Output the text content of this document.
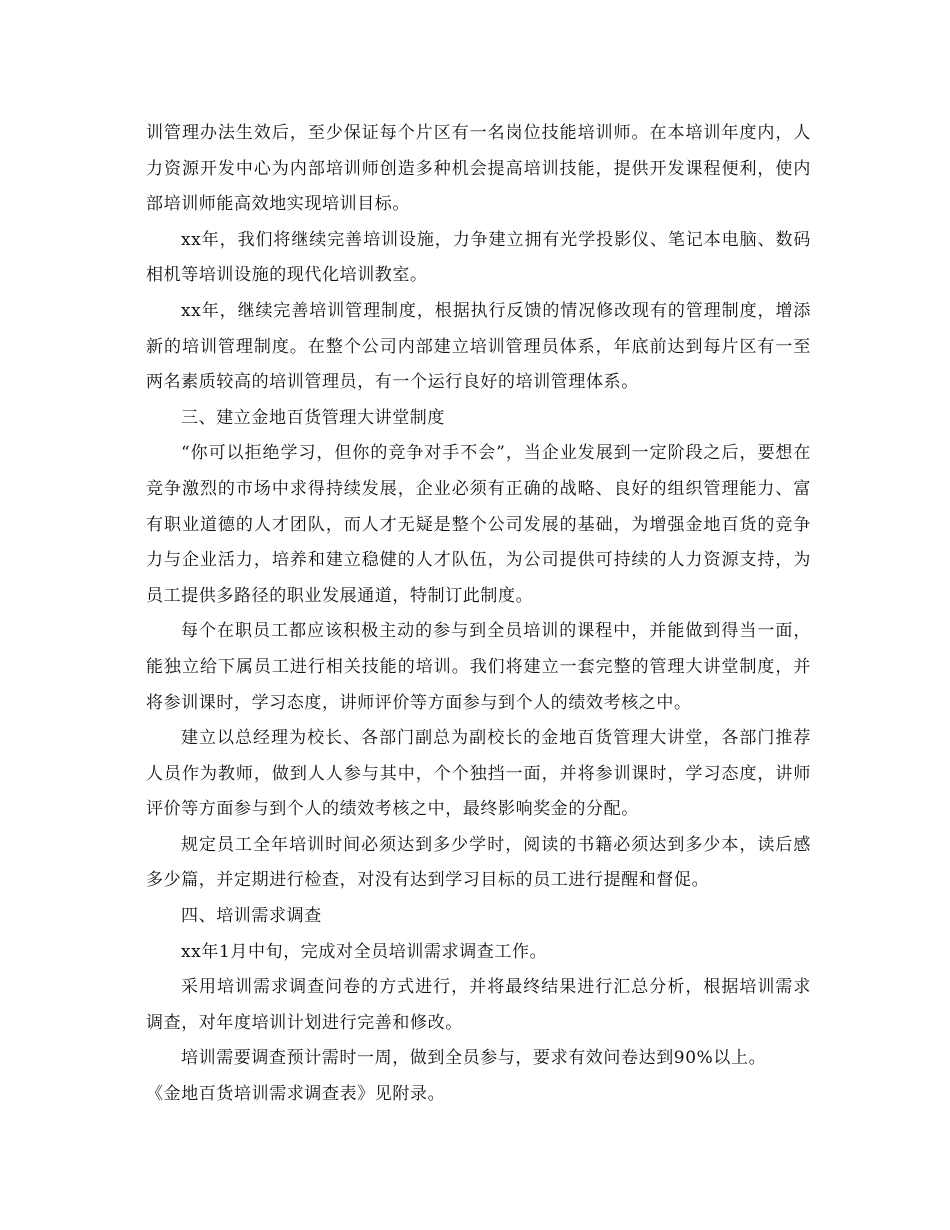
训管理办法生效后，至少保证每个片区有一名岗位技能培训师。在本培训年度内，人力资源开发中心为内部培训师创造多种机会提高培训技能，提供开发课程便利，使内部培训师能高效地实现培训目标。

xx年，我们将继续完善培训设施，力争建立拥有光学投影仪、笔记本电脑、数码相机等培训设施的现代化培训教室。

xx年，继续完善培训管理制度，根据执行反馈的情况修改现有的管理制度，增添新的培训管理制度。在整个公司内部建立培训管理员体系，年底前达到每片区有一至两名素质较高的培训管理员，有一个运行良好的培训管理体系。

三、建立金地百货管理大讲堂制度

“你可以拒绝学习，但你的竞争对手不会”，当企业发展到一定阶段之后，要想在竞争激烈的市场中求得持续发展，企业必须有正确的战略、良好的组织管理能力、富有职业道德的人才团队，而人才无疑是整个公司发展的基础，为增强金地百货的竞争力与企业活力，培养和建立稳健的人才队伍，为公司提供可持续的人力资源支持，为员工提供多路径的职业发展通道，特制订此制度。

每个在职员工都应该积极主动的参与到全员培训的课程中，并能做到得当一面，能独立给下属员工进行相关技能的培训。我们将建立一套完整的管理大讲堂制度，并将参训课时，学习态度，讲师评价等方面参与到个人的绩效考核之中。

建立以总经理为校长、各部门副总为副校长的金地百货管理大讲堂，各部门推荐人员作为教师，做到人人参与其中，个个独挡一面，并将参训课时，学习态度，讲师评价等方面参与到个人的绩效考核之中，最终影响奖金的分配。

规定员工全年培训时间必须达到多少学时，阅读的书籍必须达到多少本，读后感多少篇，并定期进行检查，对没有达到学习目标的员工进行提醒和督促。

四、培训需求调查

xx年1月中旬，完成对全员培训需求调查工作。

采用培训需求调查问卷的方式进行，并将最终结果进行汇总分析，根据培训需求调查，对年度培训计划进行完善和修改。

培训需要调查预计需时一周，做到全员参与，要求有效问卷达到90%以上。

《金地百货培训需求调查表》见附录。
